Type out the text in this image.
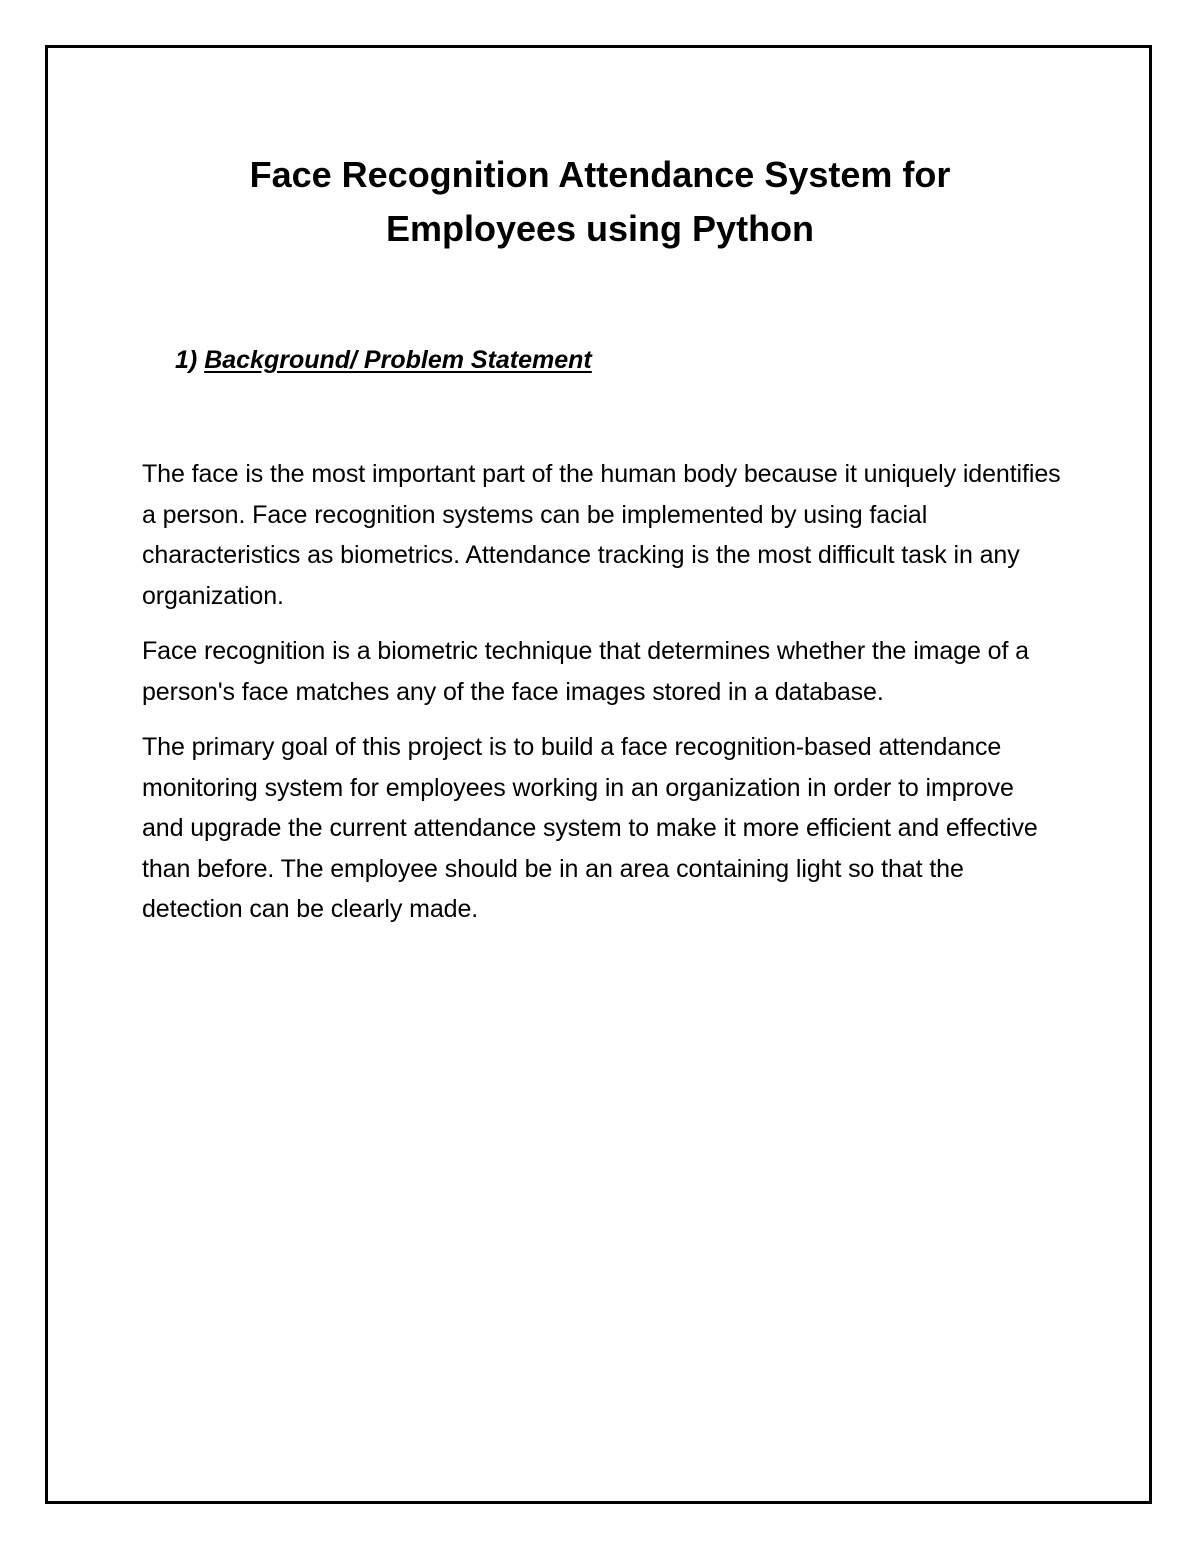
Face Recognition Attendance System for
Employees using Python
1) Background/ Problem Statement

The face is the most important part of the human body because it uniquely identifies a person. Face recognition systems can be implemented by using facial characteristics as biometrics. Attendance tracking is the most difficult task in any organization.

Face recognition is a biometric technique that determines whether the image of a person's face matches any of the face images stored in a database.

The primary goal of this project is to build a face recognition-based attendance monitoring system for employees working in an organization in order to improve and upgrade the current attendance system to make it more efficient and effective than before. The employee should be in an area containing light so that the detection can be clearly made.
